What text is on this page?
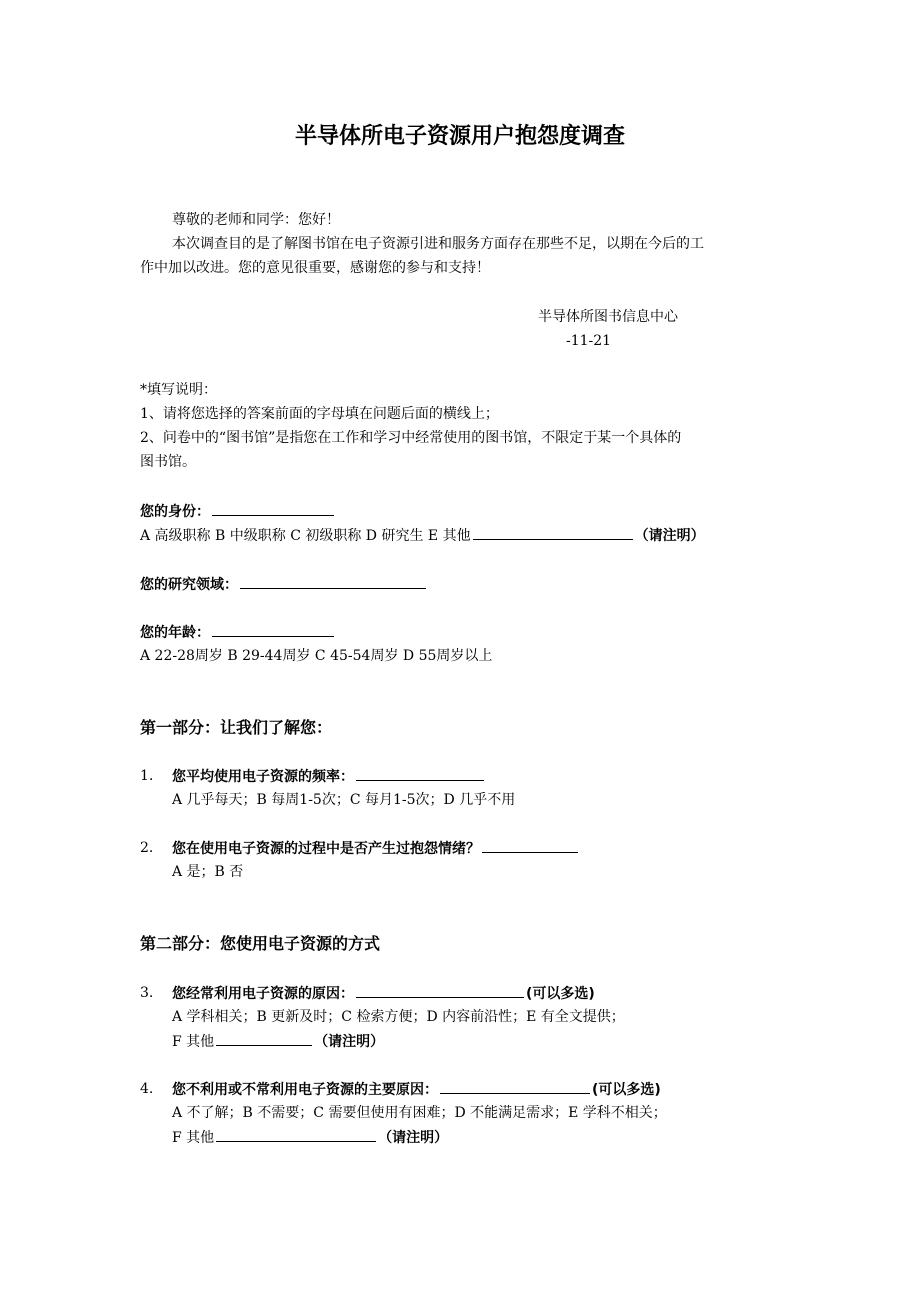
半导体所电子资源用户抱怨度调查
尊敬的老师和同学：您好！
本次调查目的是了解图书馆在电子资源引进和服务方面存在那些不足，以期在今后的工
作中加以改进。您的意见很重要，感谢您的参与和支持！
半导体所图书信息中心
-11-21
*填写说明：
1、请将您选择的答案前面的字母填在问题后面的横线上；
2、问卷中的“图书馆”是指您在工作和学习中经常使用的图书馆，不限定于某一个具体的
图书馆。
您的身份：
A 高级职称 B 中级职称 C 初级职称 D 研究生 E 其他	（请注明）
您的研究领域：
您的年龄：
A 22-28周岁 B 29-44周岁 C 45-54周岁 D 55周岁以上
第一部分：让我们了解您：
1. 您平均使用电子资源的频率：
A 几乎每天；B 每周1-5次；C 每月1-5次；D 几乎不用
2. 您在使用电子资源的过程中是否产生过抱怨情绪？
A 是；B 否
第二部分：您使用电子资源的方式
3. 您经常利用电子资源的原因：	(可以多选)
A 学科相关；B 更新及时；C 检索方便；D 内容前沿性；E 有全文提供；
F 其他	（请注明）
4. 您不利用或不常利用电子资源的主要原因：	(可以多选)
A 不了解；B 不需要；C 需要但使用有困难；D 不能满足需求；E 学科不相关；
F 其他	（请注明）
